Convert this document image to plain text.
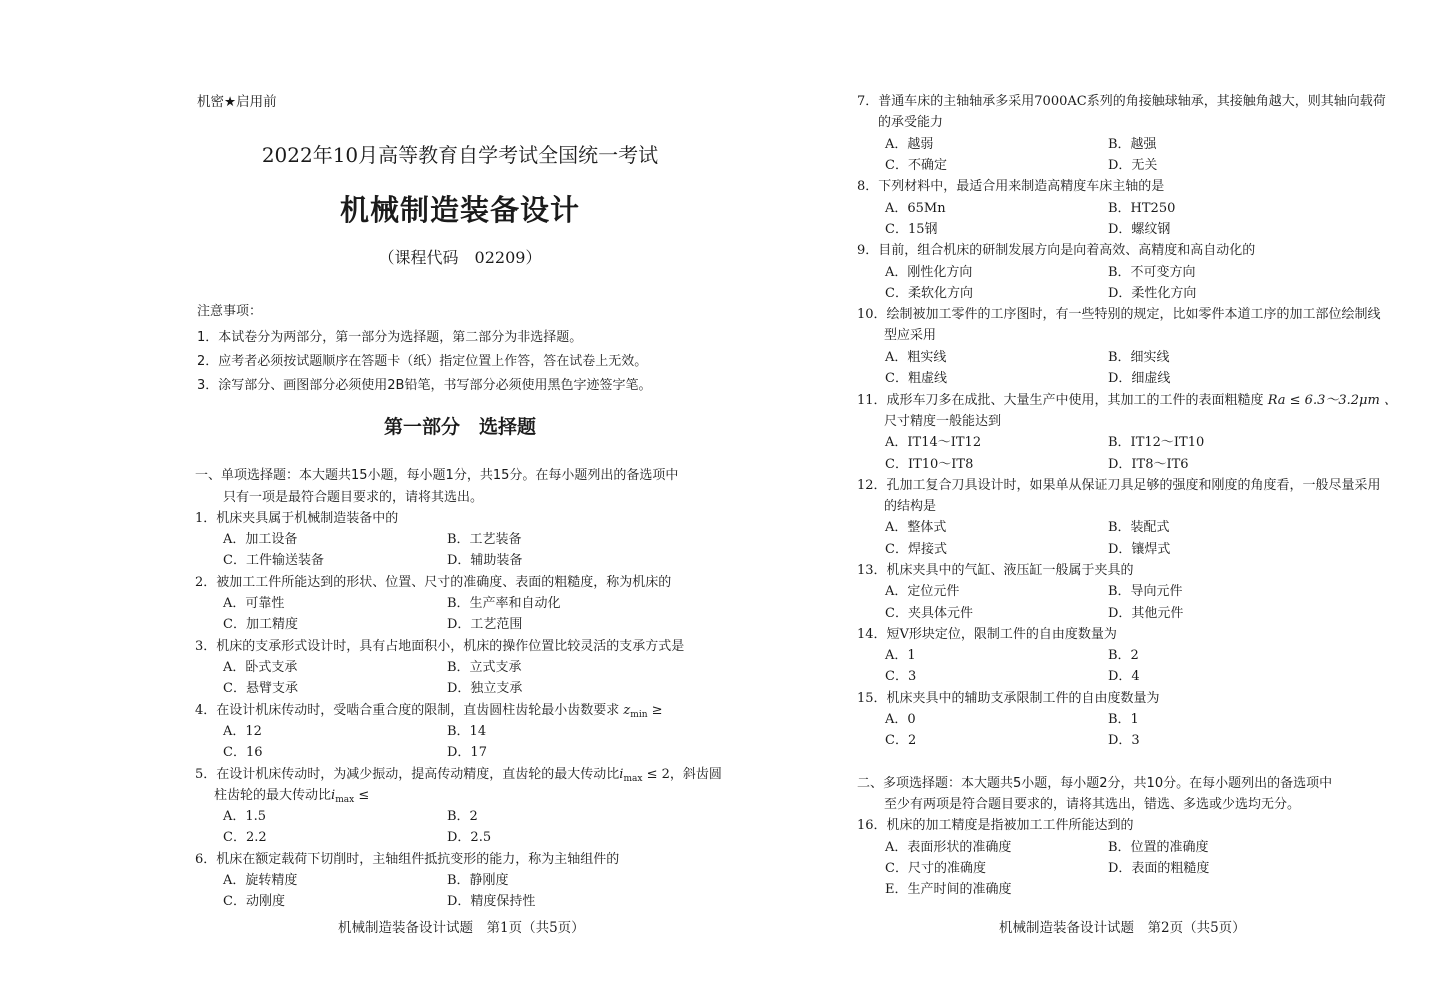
机密★启用前
2022年10月高等教育自学考试全国统一考试
机械制造装备设计
（课程代码　02209）
注意事项：
1．本试卷分为两部分，第一部分为选择题，第二部分为非选择题。
2．应考者必须按试题顺序在答题卡（纸）指定位置上作答，答在试卷上无效。
3．涂写部分、画图部分必须使用2B铅笔，书写部分必须使用黑色字迹签字笔。
第一部分　选择题
一、单项选择题：本大题共15小题，每小题1分，共15分。在每小题列出的备选项中
只有一项是最符合题目要求的，请将其选出。
1．机床夹具属于机械制造装备中的
A．加工设备	B．工艺装备
C．工件输送装备	D．辅助装备
2．被加工工件所能达到的形状、位置、尺寸的准确度、表面的粗糙度，称为机床的
A．可靠性	B．生产率和自动化
C．加工精度	D．工艺范围
3．机床的支承形式设计时，具有占地面积小，机床的操作位置比较灵活的支承方式是
A．卧式支承	B．立式支承
C．悬臂支承	D．独立支承
4．在设计机床传动时，受啮合重合度的限制，直齿圆柱齿轮最小齿数要求 $z_{min}$ ≥
A．12	B．14
C．16	D．17
5．在设计机床传动时，为减少振动，提高传动精度，直齿轮的最大传动比$i_{max} \le 2$，斜齿圆
柱齿轮的最大传动比$i_{max}$ ≤
A．1.5	B．2
C．2.2	D．2.5
6．机床在额定载荷下切削时，主轴组件抵抗变形的能力，称为主轴组件的
A．旋转精度	B．静刚度
C．动刚度	D．精度保持性
机械制造装备设计试题　第1页（共5页）
7．普通车床的主轴轴承多采用7000AC系列的角接触球轴承，其接触角越大，则其轴向载荷
的承受能力
A．越弱	B．越强
C．不确定	D．无关
8．下列材料中，最适合用来制造高精度车床主轴的是
A．65Mn	B．HT250
C．15钢	D．螺纹钢
9．目前，组合机床的研制发展方向是向着高效、高精度和高自动化的
A．刚性化方向	B．不可变方向
C．柔软化方向	D．柔性化方向
10．绘制被加工零件的工序图时，有一些特别的规定，比如零件本道工序的加工部位绘制线
型应采用
A．粗实线	B．细实线
C．粗虚线	D．细虚线
11．成形车刀多在成批、大量生产中使用，其加工的工件的表面粗糙度 Ra ≤ 6.3～3.2μm 、
尺寸精度一般能达到
A．IT14～IT12	B．IT12～IT10
C．IT10～IT8	D．IT8～IT6
12．孔加工复合刀具设计时，如果单从保证刀具足够的强度和刚度的角度看，一般尽量采用
的结构是
A．整体式	B．装配式
C．焊接式	D．镶焊式
13．机床夹具中的气缸、液压缸一般属于夹具的
A．定位元件	B．导向元件
C．夹具体元件	D．其他元件
14．短V形块定位，限制工件的自由度数量为
A．1	B．2
C．3	D．4
15．机床夹具中的辅助支承限制工件的自由度数量为
A．0	B．1
C．2	D．3
二、多项选择题：本大题共5小题，每小题2分，共10分。在每小题列出的备选项中
至少有两项是符合题目要求的，请将其选出，错选、多选或少选均无分。
16．机床的加工精度是指被加工工件所能达到的
A．表面形状的准确度	B．位置的准确度
C．尺寸的准确度	D．表面的粗糙度
E．生产时间的准确度
机械制造装备设计试题　第2页（共5页）
